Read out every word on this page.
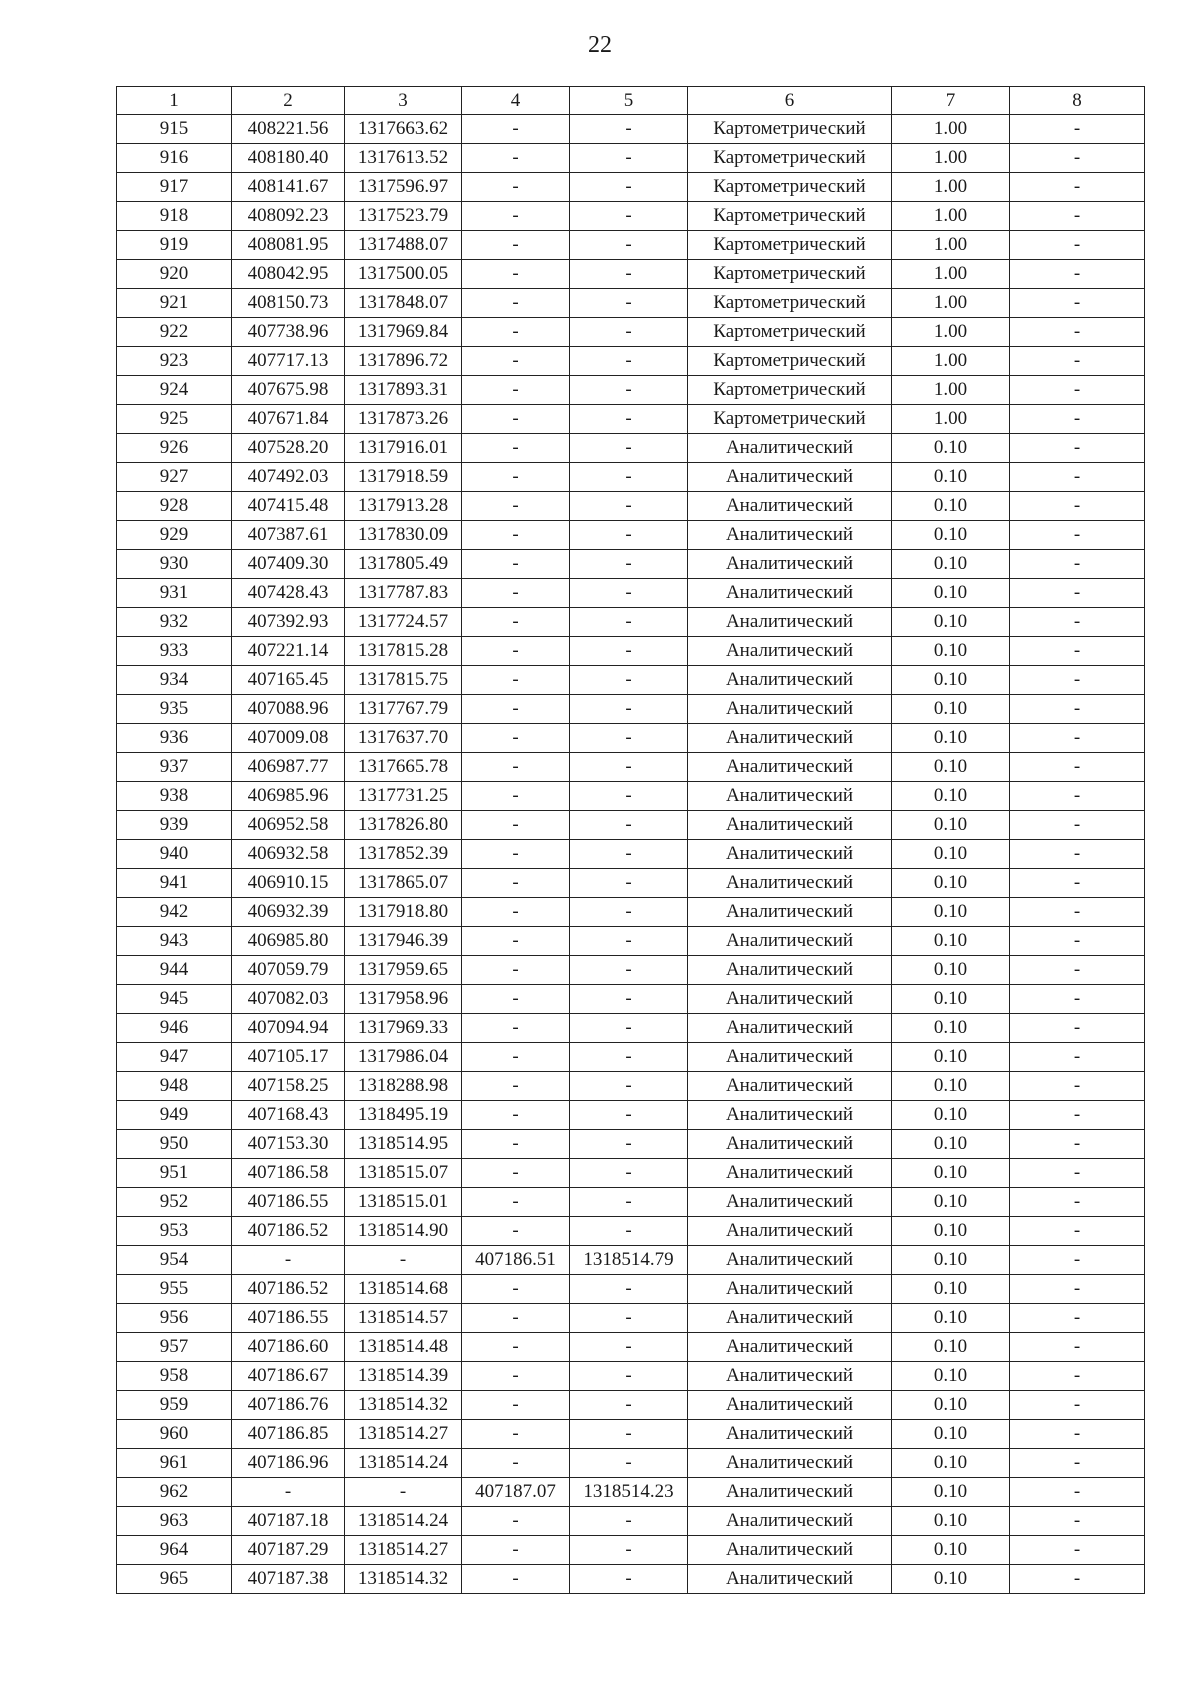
22
1	2	3	4	5	6	7	8
915	408221.56	1317663.62	-	-	Картометрический	1.00	-
916	408180.40	1317613.52	-	-	Картометрический	1.00	-
917	408141.67	1317596.97	-	-	Картометрический	1.00	-
918	408092.23	1317523.79	-	-	Картометрический	1.00	-
919	408081.95	1317488.07	-	-	Картометрический	1.00	-
920	408042.95	1317500.05	-	-	Картометрический	1.00	-
921	408150.73	1317848.07	-	-	Картометрический	1.00	-
922	407738.96	1317969.84	-	-	Картометрический	1.00	-
923	407717.13	1317896.72	-	-	Картометрический	1.00	-
924	407675.98	1317893.31	-	-	Картометрический	1.00	-
925	407671.84	1317873.26	-	-	Картометрический	1.00	-
926	407528.20	1317916.01	-	-	Аналитический	0.10	-
927	407492.03	1317918.59	-	-	Аналитический	0.10	-
928	407415.48	1317913.28	-	-	Аналитический	0.10	-
929	407387.61	1317830.09	-	-	Аналитический	0.10	-
930	407409.30	1317805.49	-	-	Аналитический	0.10	-
931	407428.43	1317787.83	-	-	Аналитический	0.10	-
932	407392.93	1317724.57	-	-	Аналитический	0.10	-
933	407221.14	1317815.28	-	-	Аналитический	0.10	-
934	407165.45	1317815.75	-	-	Аналитический	0.10	-
935	407088.96	1317767.79	-	-	Аналитический	0.10	-
936	407009.08	1317637.70	-	-	Аналитический	0.10	-
937	406987.77	1317665.78	-	-	Аналитический	0.10	-
938	406985.96	1317731.25	-	-	Аналитический	0.10	-
939	406952.58	1317826.80	-	-	Аналитический	0.10	-
940	406932.58	1317852.39	-	-	Аналитический	0.10	-
941	406910.15	1317865.07	-	-	Аналитический	0.10	-
942	406932.39	1317918.80	-	-	Аналитический	0.10	-
943	406985.80	1317946.39	-	-	Аналитический	0.10	-
944	407059.79	1317959.65	-	-	Аналитический	0.10	-
945	407082.03	1317958.96	-	-	Аналитический	0.10	-
946	407094.94	1317969.33	-	-	Аналитический	0.10	-
947	407105.17	1317986.04	-	-	Аналитический	0.10	-
948	407158.25	1318288.98	-	-	Аналитический	0.10	-
949	407168.43	1318495.19	-	-	Аналитический	0.10	-
950	407153.30	1318514.95	-	-	Аналитический	0.10	-
951	407186.58	1318515.07	-	-	Аналитический	0.10	-
952	407186.55	1318515.01	-	-	Аналитический	0.10	-
953	407186.52	1318514.90	-	-	Аналитический	0.10	-
954	-	-	407186.51	1318514.79	Аналитический	0.10	-
955	407186.52	1318514.68	-	-	Аналитический	0.10	-
956	407186.55	1318514.57	-	-	Аналитический	0.10	-
957	407186.60	1318514.48	-	-	Аналитический	0.10	-
958	407186.67	1318514.39	-	-	Аналитический	0.10	-
959	407186.76	1318514.32	-	-	Аналитический	0.10	-
960	407186.85	1318514.27	-	-	Аналитический	0.10	-
961	407186.96	1318514.24	-	-	Аналитический	0.10	-
962	-	-	407187.07	1318514.23	Аналитический	0.10	-
963	407187.18	1318514.24	-	-	Аналитический	0.10	-
964	407187.29	1318514.27	-	-	Аналитический	0.10	-
965	407187.38	1318514.32	-	-	Аналитический	0.10	-
